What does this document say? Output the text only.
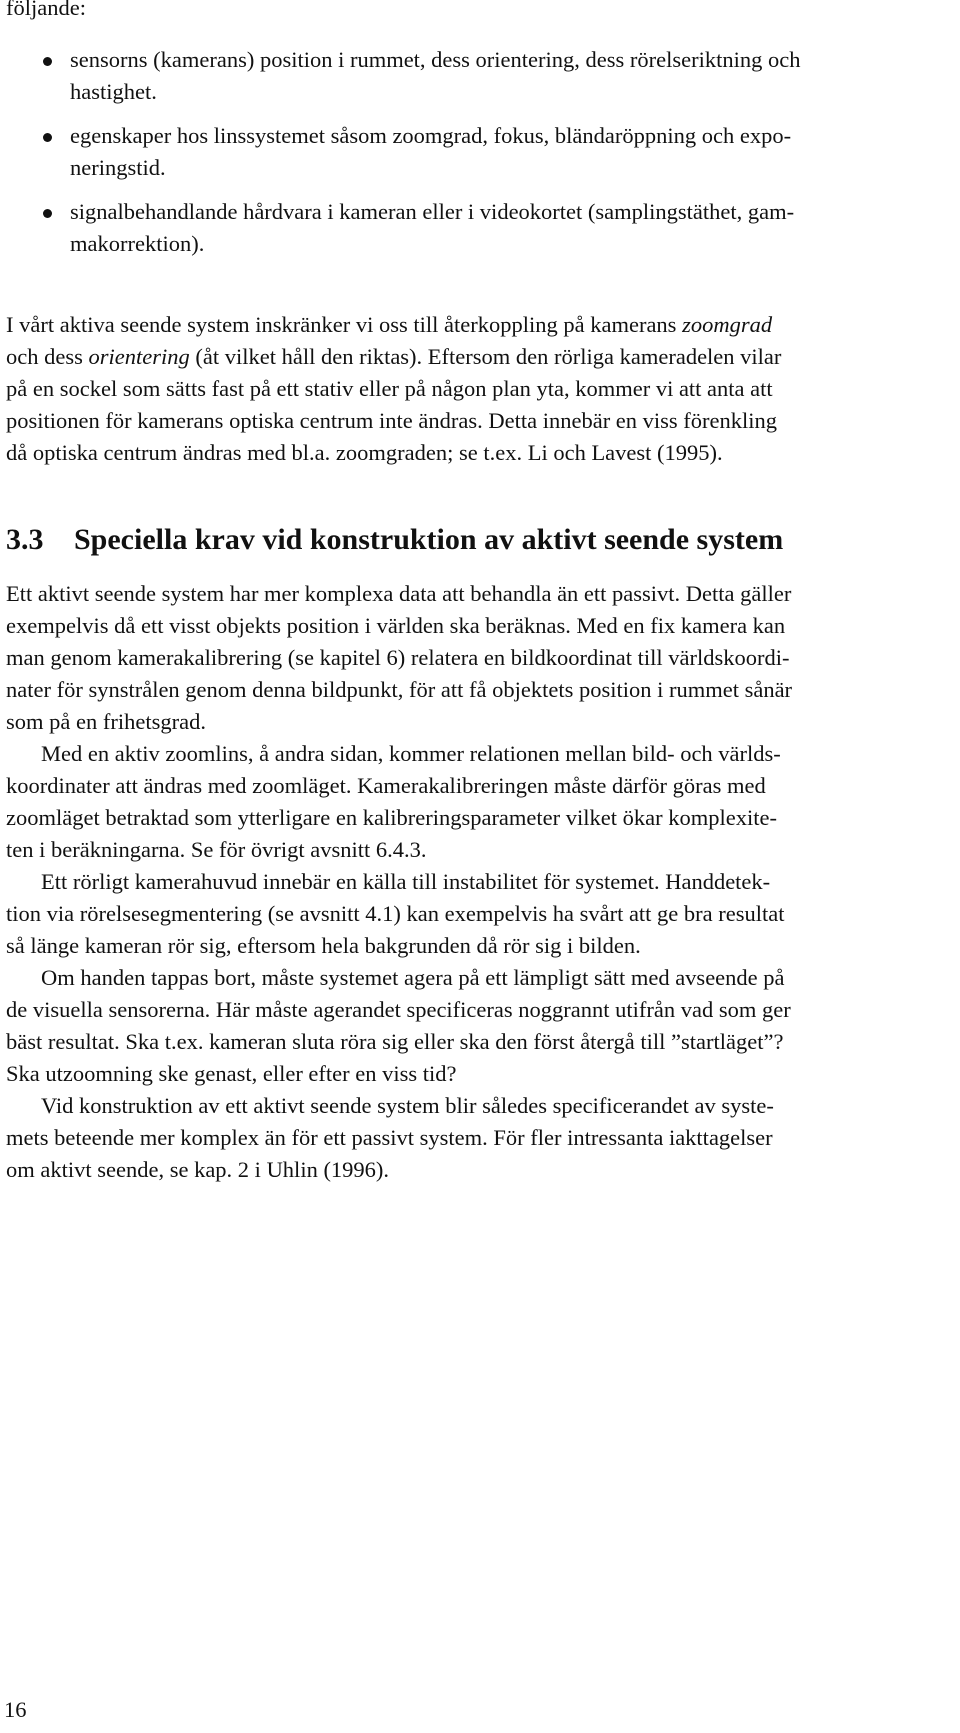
följande:
sensorns (kamerans) position i rummet, dess orientering, dess rörelseriktning och
hastighet.
egenskaper hos linssystemet såsom zoomgrad, fokus, bländaröppning och expo-
neringstid.
signalbehandlande hårdvara i kameran eller i videokortet (samplingstäthet, gam-
makorrektion).
I vårt aktiva seende system inskränker vi oss till återkoppling på kamerans zoomgrad
och dess orientering (åt vilket håll den riktas). Eftersom den rörliga kameradelen vilar
på en sockel som sätts fast på ett stativ eller på någon plan yta, kommer vi att anta att
positionen för kamerans optiska centrum inte ändras. Detta innebär en viss förenkling
då optiska centrum ändras med bl.a. zoomgraden; se t.ex. Li och Lavest (1995).
3.3 Speciella krav vid konstruktion av aktivt seende system
Ett aktivt seende system har mer komplexa data att behandla än ett passivt. Detta gäller
exempelvis då ett visst objekts position i världen ska beräknas. Med en fix kamera kan
man genom kamerakalibrering (se kapitel 6) relatera en bildkoordinat till världskoordi-
nater för synstrålen genom denna bildpunkt, för att få objektets position i rummet sånär
som på en frihetsgrad.
Med en aktiv zoomlins, å andra sidan, kommer relationen mellan bild- och världs-
koordinater att ändras med zoomläget. Kamerakalibreringen måste därför göras med
zoomläget betraktad som ytterligare en kalibreringsparameter vilket ökar komplexite-
ten i beräkningarna. Se för övrigt avsnitt 6.4.3.
Ett rörligt kamerahuvud innebär en källa till instabilitet för systemet. Handdetek-
tion via rörelsesegmentering (se avsnitt 4.1) kan exempelvis ha svårt att ge bra resultat
så länge kameran rör sig, eftersom hela bakgrunden då rör sig i bilden.
Om handen tappas bort, måste systemet agera på ett lämpligt sätt med avseende på
de visuella sensorerna. Här måste agerandet specificeras noggrannt utifrån vad som ger
bäst resultat. Ska t.ex. kameran sluta röra sig eller ska den först återgå till ”startläget”?
Ska utzoomning ske genast, eller efter en viss tid?
Vid konstruktion av ett aktivt seende system blir således specificerandet av syste-
mets beteende mer komplex än för ett passivt system. För fler intressanta iakttagelser
om aktivt seende, se kap. 2 i Uhlin (1996).
16
